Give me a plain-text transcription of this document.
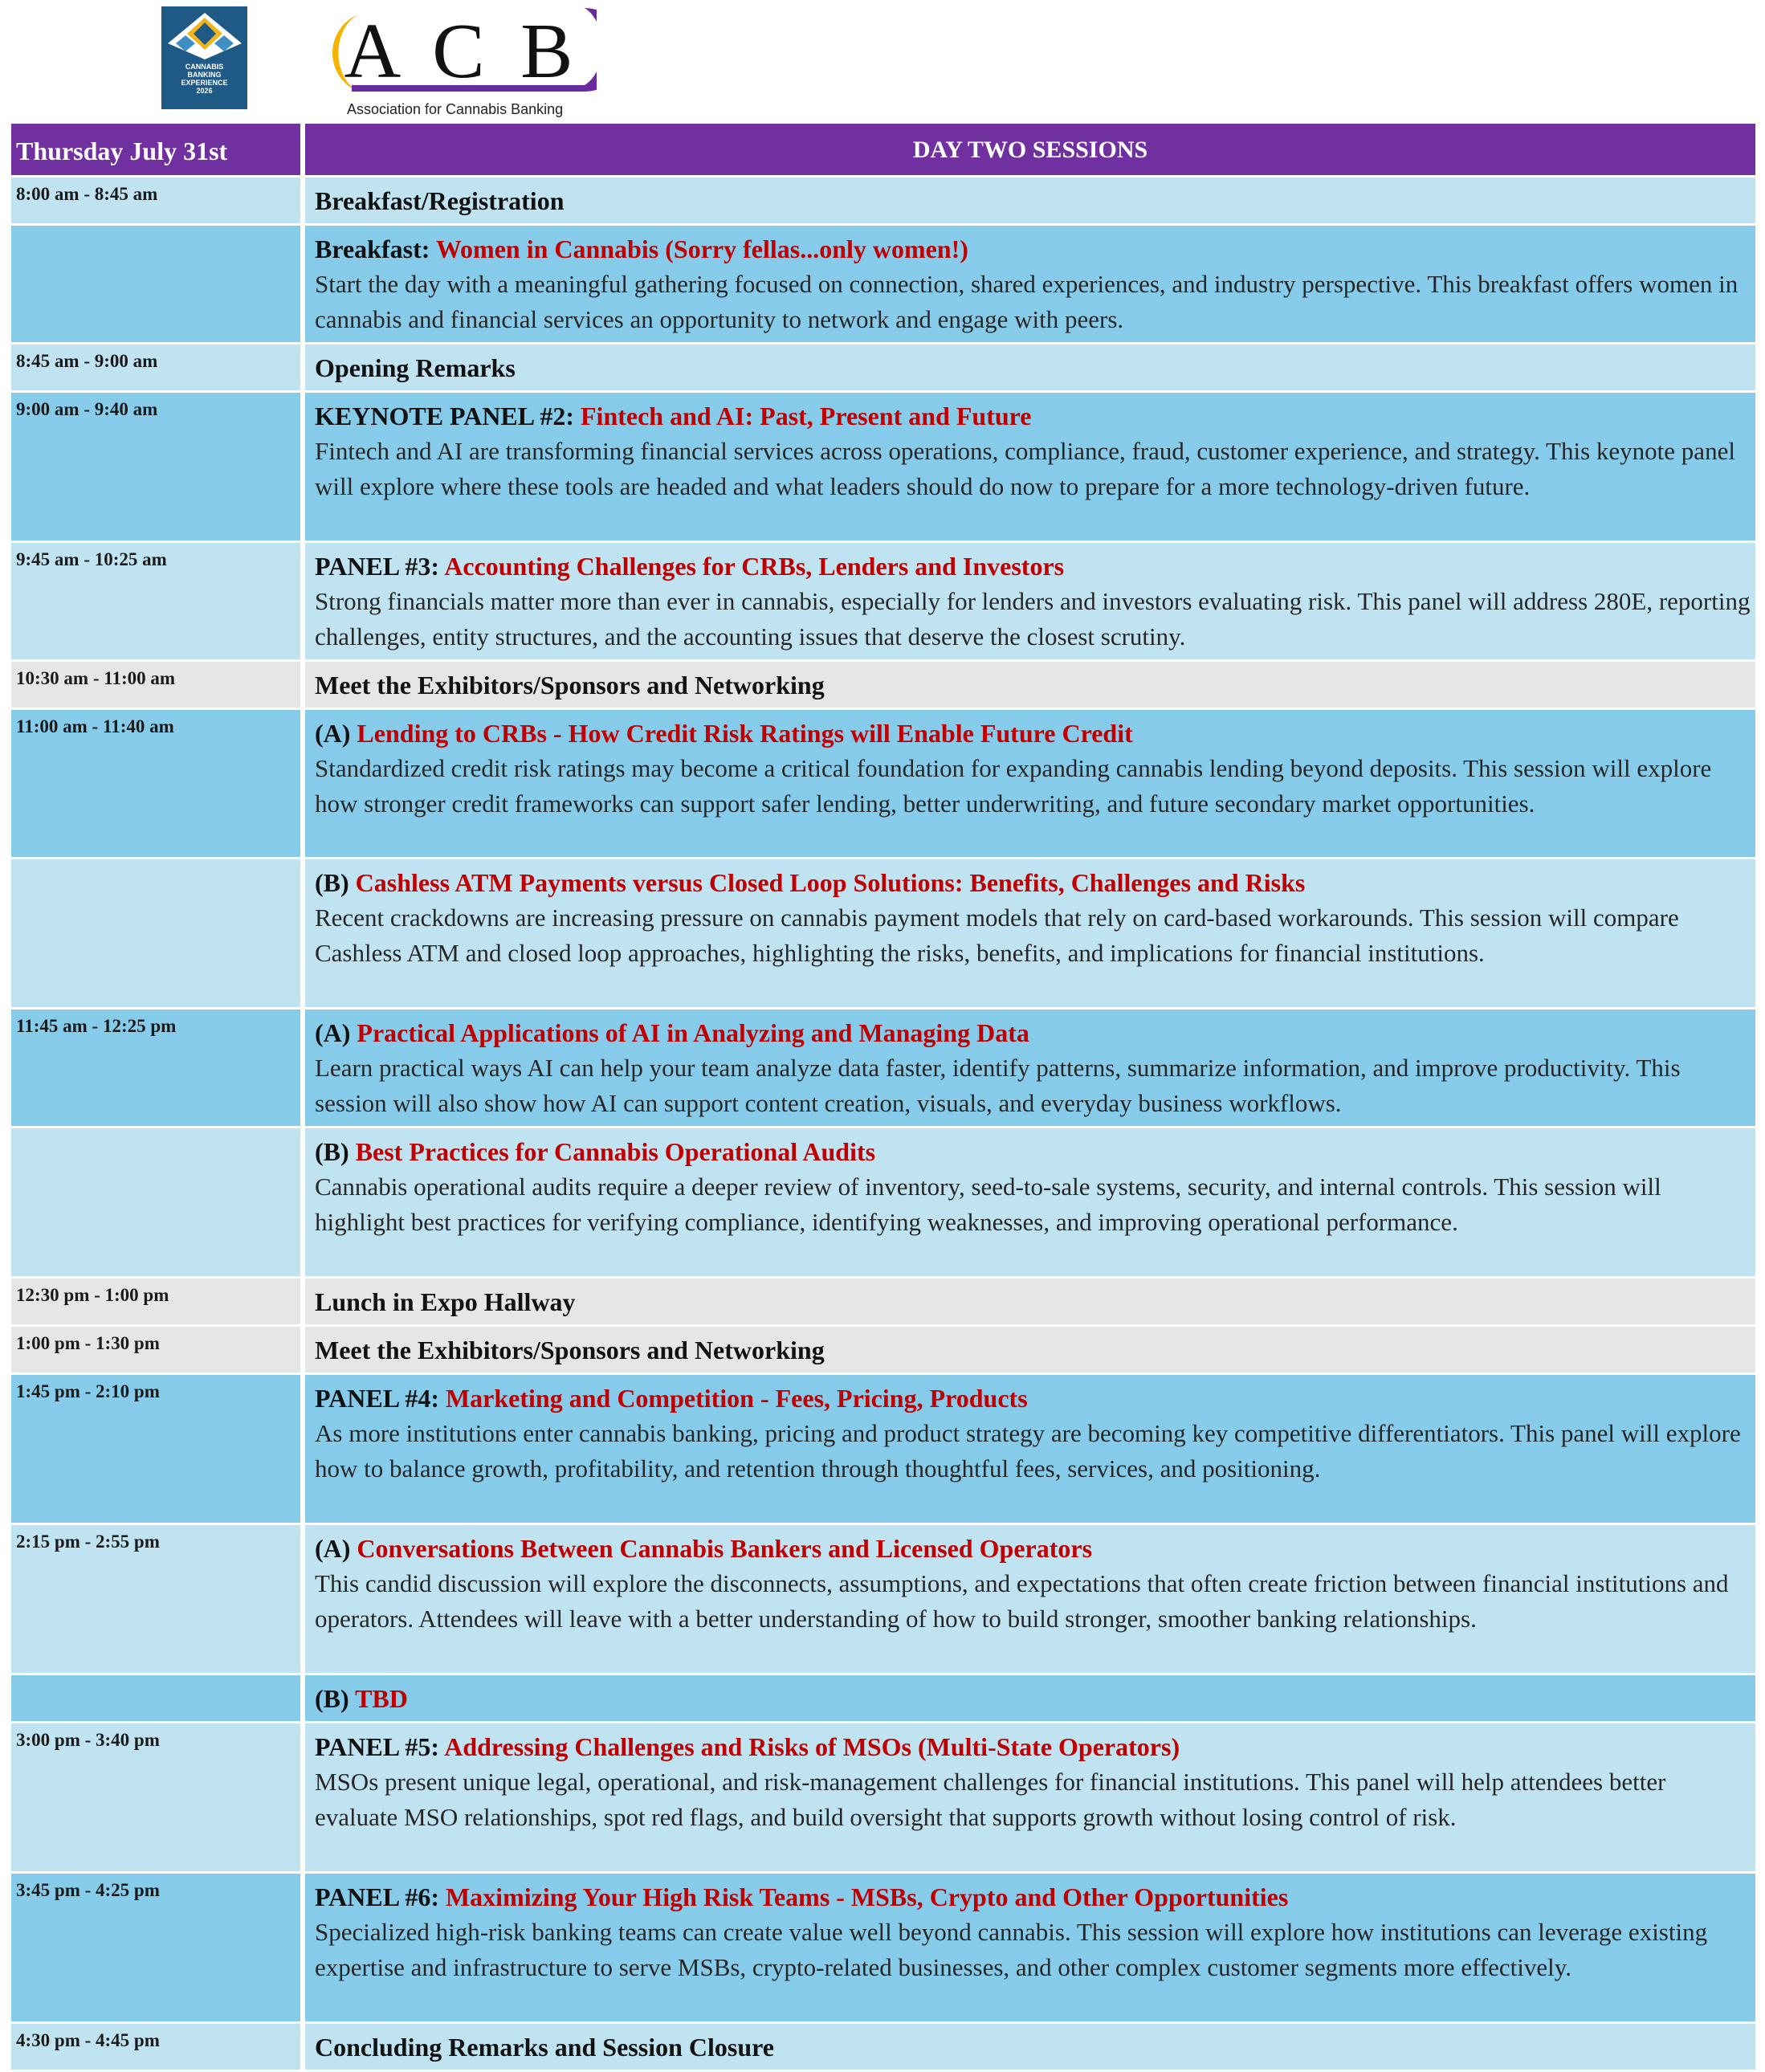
CANNABIS
BANKING
EXPERIENCE
2026 A C B
Association for Cannabis Banking
Thursday July 31st	DAY TWO SESSIONS
8:00 am - 8:45 am	Breakfast/Registration

	Breakfast: Women in Cannabis (Sorry fellas...only women!)
Start the day with a meaningful gathering focused on connection, shared experiences, and industry perspective. This breakfast offers women in cannabis and financial services an opportunity to network and engage with peers.

8:45 am - 9:00 am	Opening Remarks

9:00 am - 9:40 am	KEYNOTE PANEL #2: Fintech and AI: Past, Present and Future
Fintech and AI are transforming financial services across operations, compliance, fraud, customer experience, and strategy. This keynote panel will explore where these tools are headed and what leaders should do now to prepare for a more technology-driven future.

9:45 am - 10:25 am	PANEL #3: Accounting Challenges for CRBs, Lenders and Investors
Strong financials matter more than ever in cannabis, especially for lenders and investors evaluating risk. This panel will address 280E, reporting challenges, entity structures, and the accounting issues that deserve the closest scrutiny.

10:30 am - 11:00 am	Meet the Exhibitors/Sponsors and Networking

11:00 am - 11:40 am	(A) Lending to CRBs - How Credit Risk Ratings will Enable Future Credit
Standardized credit risk ratings may become a critical foundation for expanding cannabis lending beyond deposits. This session will explore how stronger credit frameworks can support safer lending, better underwriting, and future secondary market opportunities.

	(B) Cashless ATM Payments versus Closed Loop Solutions: Benefits, Challenges and Risks
Recent crackdowns are increasing pressure on cannabis payment models that rely on card-based workarounds. This session will compare Cashless ATM and closed loop approaches, highlighting the risks, benefits, and implications for financial institutions.

11:45 am - 12:25 pm	(A) Practical Applications of AI in Analyzing and Managing Data
Learn practical ways AI can help your team analyze data faster, identify patterns, summarize information, and improve productivity. This session will also show how AI can support content creation, visuals, and everyday business workflows.

	(B) Best Practices for Cannabis Operational Audits
Cannabis operational audits require a deeper review of inventory, seed-to-sale systems, security, and internal controls. This session will highlight best practices for verifying compliance, identifying weaknesses, and improving operational performance.

12:30 pm - 1:00 pm	Lunch in Expo Hallway

1:00 pm - 1:30 pm	Meet the Exhibitors/Sponsors and Networking

1:45 pm - 2:10 pm	PANEL #4: Marketing and Competition - Fees, Pricing, Products
As more institutions enter cannabis banking, pricing and product strategy are becoming key competitive differentiators. This panel will explore how to balance growth, profitability, and retention through thoughtful fees, services, and positioning.

2:15 pm - 2:55 pm	(A) Conversations Between Cannabis Bankers and Licensed Operators
This candid discussion will explore the disconnects, assumptions, and expectations that often create friction between financial institutions and operators. Attendees will leave with a better understanding of how to build stronger, smoother banking relationships.

	(B) TBD

3:00 pm - 3:40 pm	PANEL #5: Addressing Challenges and Risks of MSOs (Multi-State Operators)
MSOs present unique legal, operational, and risk-management challenges for financial institutions. This panel will help attendees better evaluate MSO relationships, spot red flags, and build oversight that supports growth without losing control of risk.

3:45 pm - 4:25 pm	PANEL #6: Maximizing Your High Risk Teams - MSBs, Crypto and Other Opportunities
Specialized high-risk banking teams can create value well beyond cannabis. This session will explore how institutions can leverage existing expertise and infrastructure to serve MSBs, crypto-related businesses, and other complex customer segments more effectively.

4:30 pm - 4:45 pm	Concluding Remarks and Session Closure
